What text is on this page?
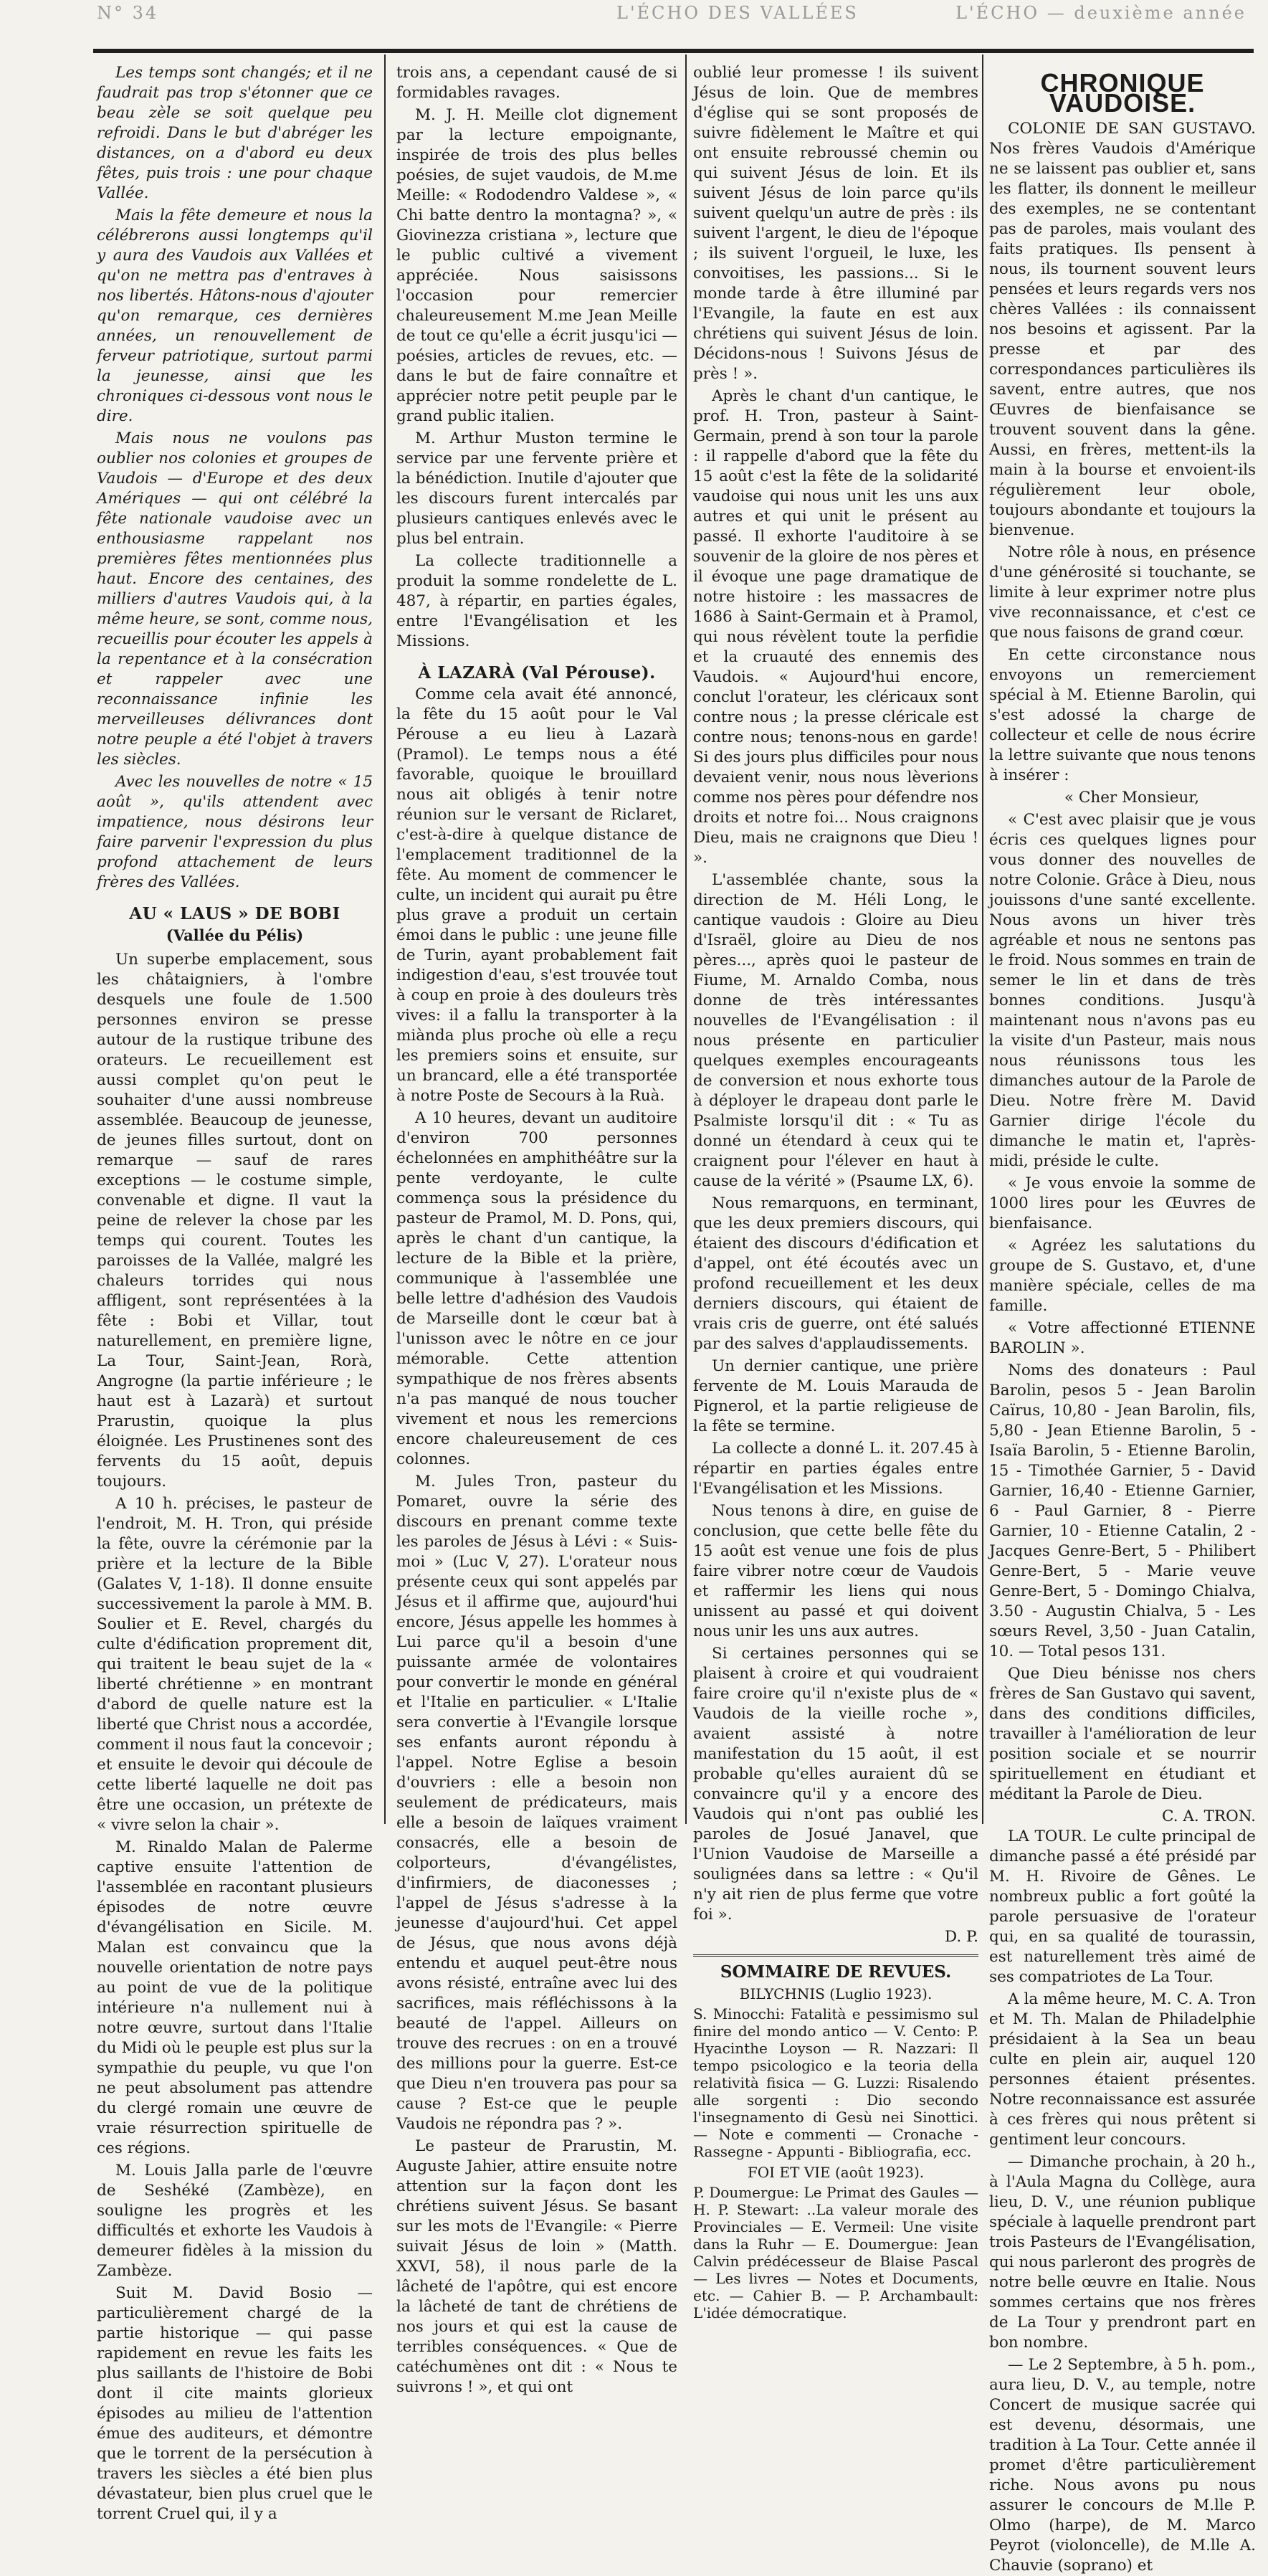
N° 34	L'ÉCHO DES VALLÉES	L'ÉCHO — deuxième année

Les temps sont changés; et il ne faudrait pas trop s'étonner que ce beau zèle se soit quelque peu refroidi. Dans le but d'abréger les distances, on a d'abord eu deux fêtes, puis trois : une pour chaque Vallée.

Mais la fête demeure et nous la célébrerons aussi longtemps qu'il y aura des Vaudois aux Vallées et qu'on ne mettra pas d'entraves à nos libertés. Hâtons-nous d'ajouter qu'on remarque, ces dernières années, un renouvellement de ferveur patriotique, surtout parmi la jeunesse, ainsi que les chroniques ci-dessous vont nous le dire.

Mais nous ne voulons pas oublier nos colonies et groupes de Vaudois — d'Europe et des deux Amériques — qui ont célébré la fête nationale vaudoise avec un enthousiasme rappelant nos premières fêtes mentionnées plus haut. Encore des centaines, des milliers d'autres Vaudois qui, à la même heure, se sont, comme nous, recueillis pour écouter les appels à la repentance et à la consécration et rappeler avec une reconnaissance infinie les merveilleuses délivrances dont notre peuple a été l'objet à travers les siècles.

Avec les nouvelles de notre « 15 août », qu'ils attendent avec impatience, nous désirons leur faire parvenir l'expression du plus profond attachement de leurs frères des Vallées.

AU « LAUS » DE BOBI
(Vallée du Pélis)

Un superbe emplacement, sous les châtaigniers, à l'ombre desquels une foule de 1.500 personnes environ se presse autour de la rustique tribune des orateurs. Le recueillement est aussi complet qu'on peut le souhaiter d'une aussi nombreuse assemblée. Beaucoup de jeunesse, de jeunes filles surtout, dont on remarque — sauf de rares exceptions — le costume simple, convenable et digne. Il vaut la peine de relever la chose par les temps qui courent. Toutes les paroisses de la Vallée, malgré les chaleurs torrides qui nous affligent, sont représentées à la fête : Bobi et Villar, tout naturellement, en première ligne, La Tour, Saint-Jean, Rorà, Angrogne (la partie inférieure ; le haut est à Lazarà) et surtout Prarustin, quoique la plus éloignée. Les Prustinenes sont des fervents du 15 août, depuis toujours.

A 10 h. précises, le pasteur de l'endroit, M. H. Tron, qui préside la fête, ouvre la cérémonie par la prière et la lecture de la Bible (Galates V, 1-18). Il donne ensuite successivement la parole à MM. B. Soulier et E. Revel, chargés du culte d'édification proprement dit, qui traitent le beau sujet de la « liberté chrétienne » en montrant d'abord de quelle nature est la liberté que Christ nous a accordée, comment il nous faut la concevoir ; et ensuite le devoir qui découle de cette liberté laquelle ne doit pas être une occasion, un prétexte de « vivre selon la chair ».

M. Rinaldo Malan de Palerme captive ensuite l'attention de l'assemblée en racontant plusieurs épisodes de notre œuvre d'évangélisation en Sicile. M. Malan est convaincu que la nouvelle orientation de notre pays au point de vue de la politique intérieure n'a nullement nui à notre œuvre, surtout dans l'Italie du Midi où le peuple est plus sur la sympathie du peuple, vu que l'on ne peut absolument pas attendre du clergé romain une œuvre de vraie résurrection spirituelle de ces régions.

M. Louis Jalla parle de l'œuvre de Seshéké (Zambèze), en souligne les progrès et les difficultés et exhorte les Vaudois à demeurer fidèles à la mission du Zambèze.

Suit M. David Bosio — particulièrement chargé de la partie historique — qui passe rapidement en revue les faits les plus saillants de l'histoire de Bobi dont il cite maints glorieux épisodes au milieu de l'attention émue des auditeurs, et démontre que le torrent de la persécution à travers les siècles a été bien plus dévastateur, bien plus cruel que le torrent Cruel qui, il y a

trois ans, a cependant causé de si formidables ravages.

M. J. H. Meille clot dignement par la lecture empoignante, inspirée de trois des plus belles poésies, de sujet vaudois, de M.me Meille: « Rododendro Valdese », « Chi batte dentro la montagna? », « Giovinezza cristiana », lecture que le public cultivé a vivement appréciée. Nous saisissons l'occasion pour remercier chaleureusement M.me Jean Meille de tout ce qu'elle a écrit jusqu'ici — poésies, articles de revues, etc. — dans le but de faire connaître et apprécier notre petit peuple par le grand public italien.

M. Arthur Muston termine le service par une fervente prière et la bénédiction. Inutile d'ajouter que les discours furent intercalés par plusieurs cantiques enlevés avec le plus bel entrain.

La collecte traditionnelle a produit la somme rondelette de L. 487, à répartir, en parties égales, entre l'Evangélisation et les Missions.

À LAZARÀ (Val Pérouse).

Comme cela avait été annoncé, la fête du 15 août pour le Val Pérouse a eu lieu à Lazarà (Pramol). Le temps nous a été favorable, quoique le brouillard nous ait obligés à tenir notre réunion sur le versant de Riclaret, c'est-à-dire à quelque distance de l'emplacement traditionnel de la fête. Au moment de commencer le culte, un incident qui aurait pu être plus grave a produit un certain émoi dans le public : une jeune fille de Turin, ayant probablement fait indigestion d'eau, s'est trouvée tout à coup en proie à des douleurs très vives: il a fallu la transporter à la miànda plus proche où elle a reçu les premiers soins et ensuite, sur un brancard, elle a été transportée à notre Poste de Secours à la Ruà.

A 10 heures, devant un auditoire d'environ 700 personnes échelonnées en amphithéâtre sur la pente verdoyante, le culte commença sous la présidence du pasteur de Pramol, M. D. Pons, qui, après le chant d'un cantique, la lecture de la Bible et la prière, communique à l'assemblée une belle lettre d'adhésion des Vaudois de Marseille dont le cœur bat à l'unisson avec le nôtre en ce jour mémorable. Cette attention sympathique de nos frères absents n'a pas manqué de nous toucher vivement et nous les remercions encore chaleureusement de ces colonnes.

M. Jules Tron, pasteur du Pomaret, ouvre la série des discours en prenant comme texte les paroles de Jésus à Lévi : « Suis-moi » (Luc V, 27). L'orateur nous présente ceux qui sont appelés par Jésus et il affirme que, aujourd'hui encore, Jésus appelle les hommes à Lui parce qu'il a besoin d'une puissante armée de volontaires pour convertir le monde en général et l'Italie en particulier. « L'Italie sera convertie à l'Evangile lorsque ses enfants auront répondu à l'appel. Notre Eglise a besoin d'ouvriers : elle a besoin non seulement de prédicateurs, mais elle a besoin de laïques vraiment consacrés, elle a besoin de colporteurs, d'évangélistes, d'infirmiers, de diaconesses ; l'appel de Jésus s'adresse à la jeunesse d'aujourd'hui. Cet appel de Jésus, que nous avons déjà entendu et auquel peut-être nous avons résisté, entraîne avec lui des sacrifices, mais réfléchissons à la beauté de l'appel. Ailleurs on trouve des recrues : on en a trouvé des millions pour la guerre. Est-ce que Dieu n'en trouvera pas pour sa cause ? Est-ce que le peuple Vaudois ne répondra pas ? ».

Le pasteur de Prarustin, M. Auguste Jahier, attire ensuite notre attention sur la façon dont les chrétiens suivent Jésus. Se basant sur les mots de l'Evangile: « Pierre suivait Jésus de loin » (Matth. XXVI, 58), il nous parle de la lâcheté de l'apôtre, qui est encore la lâcheté de tant de chrétiens de nos jours et qui est la cause de terribles conséquences. « Que de catéchumènes ont dit : « Nous te suivrons ! », et qui ont

oublié leur promesse ! ils suivent Jésus de loin. Que de membres d'église qui se sont proposés de suivre fidèlement le Maître et qui ont ensuite rebroussé chemin ou qui suivent Jésus de loin. Et ils suivent Jésus de loin parce qu'ils suivent quelqu'un autre de près : ils suivent l'argent, le dieu de l'époque ; ils suivent l'orgueil, le luxe, les convoitises, les passions... Si le monde tarde à être illuminé par l'Evangile, la faute en est aux chrétiens qui suivent Jésus de loin. Décidons-nous ! Suivons Jésus de près ! ».

Après le chant d'un cantique, le prof. H. Tron, pasteur à Saint-Germain, prend à son tour la parole : il rappelle d'abord que la fête du 15 août c'est la fête de la solidarité vaudoise qui nous unit les uns aux autres et qui unit le présent au passé. Il exhorte l'auditoire à se souvenir de la gloire de nos pères et il évoque une page dramatique de notre histoire : les massacres de 1686 à Saint-Germain et à Pramol, qui nous révèlent toute la perfidie et la cruauté des ennemis des Vaudois. « Aujourd'hui encore, conclut l'orateur, les cléricaux sont contre nous ; la presse cléricale est contre nous; tenons-nous en garde! Si des jours plus difficiles pour nous devaient venir, nous nous lèverions comme nos pères pour défendre nos droits et notre foi... Nous craignons Dieu, mais ne craignons que Dieu ! ».

L'assemblée chante, sous la direction de M. Héli Long, le cantique vaudois : Gloire au Dieu d'Israël, gloire au Dieu de nos pères..., après quoi le pasteur de Fiume, M. Arnaldo Comba, nous donne de très intéressantes nouvelles de l'Evangélisation : il nous présente en particulier quelques exemples encourageants de conversion et nous exhorte tous à déployer le drapeau dont parle le Psalmiste lorsqu'il dit : « Tu as donné un étendard à ceux qui te craignent pour l'élever en haut à cause de la vérité » (Psaume LX, 6).

Nous remarquons, en terminant, que les deux premiers discours, qui étaient des discours d'édification et d'appel, ont été écoutés avec un profond recueillement et les deux derniers discours, qui étaient de vrais cris de guerre, ont été salués par des salves d'applaudissements.

Un dernier cantique, une prière fervente de M. Louis Marauda de Pignerol, et la partie religieuse de la fête se termine.

La collecte a donné L. it. 207.45 à répartir en parties égales entre l'Evangélisation et les Missions.

Nous tenons à dire, en guise de conclusion, que cette belle fête du 15 août est venue une fois de plus faire vibrer notre cœur de Vaudois et raffermir les liens qui nous unissent au passé et qui doivent nous unir les uns aux autres.

Si certaines personnes qui se plaisent à croire et qui voudraient faire croire qu'il n'existe plus de « Vaudois de la vieille roche », avaient assisté à notre manifestation du 15 août, il est probable qu'elles auraient dû se convaincre qu'il y a encore des Vaudois qui n'ont pas oublié les paroles de Josué Janavel, que l'Union Vaudoise de Marseille a soulignées dans sa lettre : « Qu'il n'y ait rien de plus ferme que votre foi ».

D. P.
SOMMAIRE DE REVUES.
BILYCHNIS (Luglio 1923).

S. Minocchi: Fatalità e pessimismo sul finire del mondo antico — V. Cento: P. Hyacinthe Loyson — R. Nazzari: Il tempo psicologico e la teoria della relatività fisica — G. Luzzi: Risalendo alle sorgenti : Dio secondo l'insegnamento di Gesù nei Sinottici. — Note e commenti — Cronache - Rassegne - Appunti - Bibliografia, ecc.

FOI ET VIE (août 1923).

P. Doumergue: Le Primat des Gaules — H. P. Stewart: ..La valeur morale des Provinciales — E. Vermeil: Une visite dans la Ruhr — E. Doumergue: Jean Calvin prédécesseur de Blaise Pascal — Les livres — Notes et Documents, etc. — Cahier B. — P. Archambault: L'idée démocratique.

CHRONIQUE VAUDOISE.

COLONIE DE SAN GUSTAVO. Nos frères Vaudois d'Amérique ne se laissent pas oublier et, sans les flatter, ils donnent le meilleur des exemples, ne se contentant pas de paroles, mais voulant des faits pratiques. Ils pensent à nous, ils tournent souvent leurs pensées et leurs regards vers nos chères Vallées : ils connaissent nos besoins et agissent. Par la presse et par des correspondances particulières ils savent, entre autres, que nos Œuvres de bienfaisance se trouvent souvent dans la gêne. Aussi, en frères, mettent-ils la main à la bourse et envoient-ils régulièrement leur obole, toujours abondante et toujours la bienvenue.

Notre rôle à nous, en présence d'une générosité si touchante, se limite à leur exprimer notre plus vive reconnaissance, et c'est ce que nous faisons de grand cœur.

En cette circonstance nous envoyons un remerciement spécial à M. Etienne Barolin, qui s'est adossé la charge de collecteur et celle de nous écrire la lettre suivante que nous tenons à insérer :

« Cher Monsieur,

« C'est avec plaisir que je vous écris ces quelques lignes pour vous donner des nouvelles de notre Colonie. Grâce à Dieu, nous jouissons d'une santé excellente. Nous avons un hiver très agréable et nous ne sentons pas le froid. Nous sommes en train de semer le lin et dans de très bonnes conditions. Jusqu'à maintenant nous n'avons pas eu la visite d'un Pasteur, mais nous nous réunissons tous les dimanches autour de la Parole de Dieu. Notre frère M. David Garnier dirige l'école du dimanche le matin et, l'après-midi, préside le culte.

« Je vous envoie la somme de 1000 lires pour les Œuvres de bienfaisance.

« Agréez les salutations du groupe de S. Gustavo, et, d'une manière spéciale, celles de ma famille.

« Votre affectionné ETIENNE BAROLIN ».

Noms des donateurs : Paul Barolin, pesos 5 - Jean Barolin Caïrus, 10,80 - Jean Barolin, fils, 5,80 - Jean Etienne Barolin, 5 - Isaïa Barolin, 5 - Etienne Barolin, 15 - Timothée Garnier, 5 - David Garnier, 16,40 - Etienne Garnier, 6 - Paul Garnier, 8 - Pierre Garnier, 10 - Etienne Catalin, 2 - Jacques Genre-Bert, 5 - Philibert Genre-Bert, 5 - Marie veuve Genre-Bert, 5 - Domingo Chialva, 3.50 - Augustin Chialva, 5 - Les sœurs Revel, 3,50 - Juan Catalin, 10. — Total pesos 131.

Que Dieu bénisse nos chers frères de San Gustavo qui savent, dans des conditions difficiles, travailler à l'amélioration de leur position sociale et se nourrir spirituellement en étudiant et méditant la Parole de Dieu.

C. A. TRON.

LA TOUR. Le culte principal de dimanche passé a été présidé par M. H. Rivoire de Gênes. Le nombreux public a fort goûté la parole persuasive de l'orateur qui, en sa qualité de tourassin, est naturellement très aimé de ses compatriotes de La Tour.

A la même heure, M. C. A. Tron et M. Th. Malan de Philadelphie présidaient à la Sea un beau culte en plein air, auquel 120 personnes étaient présentes. Notre reconnaissance est assurée à ces frères qui nous prêtent si gentiment leur concours.

— Dimanche prochain, à 20 h., à l'Aula Magna du Collège, aura lieu, D. V., une réunion publique spéciale à laquelle prendront part trois Pasteurs de l'Evangélisation, qui nous parleront des progrès de notre belle œuvre en Italie. Nous sommes certains que nos frères de La Tour y prendront part en bon nombre.

— Le 2 Septembre, à 5 h. pom., aura lieu, D. V., au temple, notre Concert de musique sacrée qui est devenu, désormais, une tradition à La Tour. Cette année il promet d'être particulièrement riche. Nous avons pu nous assurer le concours de M.lle P. Olmo (harpe), de M. Marco Peyrot (violoncelle), de M.lle A. Chauvie (soprano) et
